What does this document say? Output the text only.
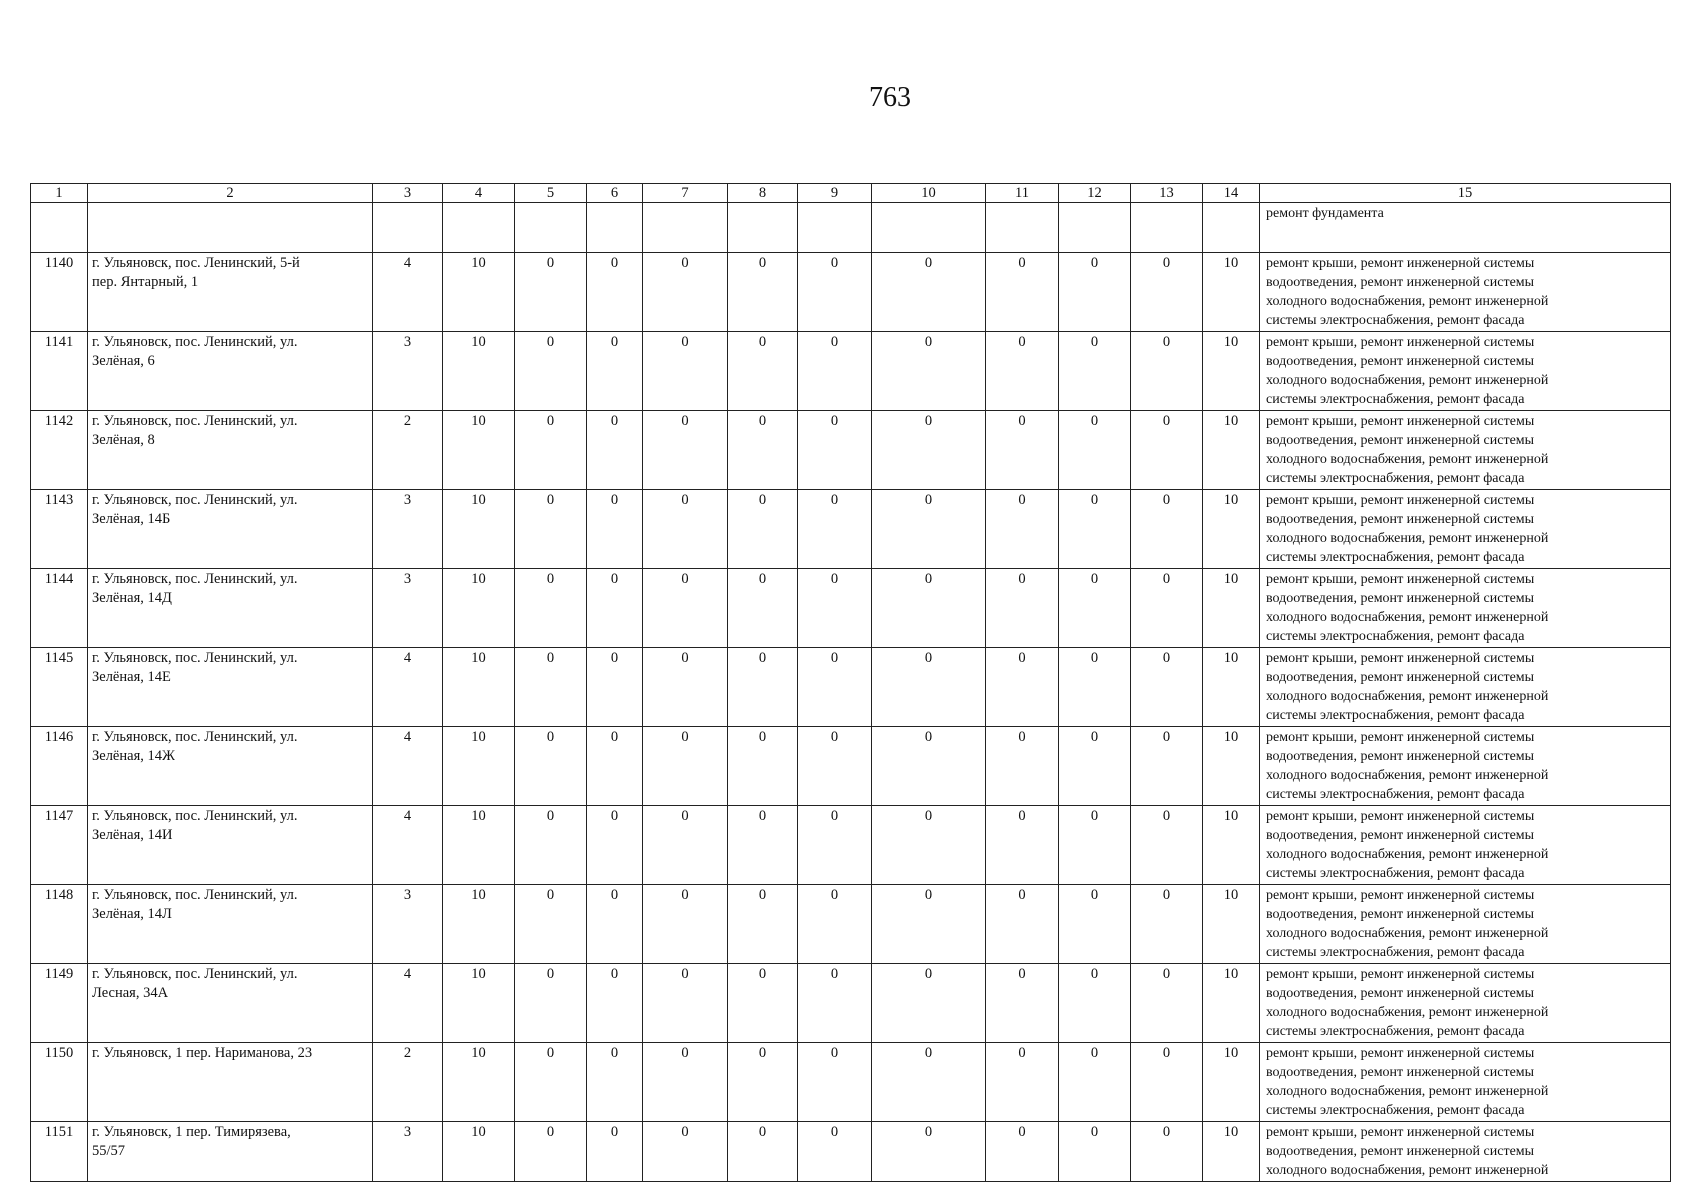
763
1	2	3	4	5	6	7	8	9	10	11	12	13	14	15
														ремонт фундамента
1140	г. Ульяновск, пос. Ленинский, 5-й
пер. Янтарный, 1	4	10	0	0	0	0	0	0	0	0	0	10	ремонт крыши, ремонт инженерной системы
водоотведения, ремонт инженерной системы
холодного водоснабжения, ремонт инженерной
системы электроснабжения, ремонт фасада
1141	г. Ульяновск, пос. Ленинский, ул.
Зелёная, 6	3	10	0	0	0	0	0	0	0	0	0	10	ремонт крыши, ремонт инженерной системы
водоотведения, ремонт инженерной системы
холодного водоснабжения, ремонт инженерной
системы электроснабжения, ремонт фасада
1142	г. Ульяновск, пос. Ленинский, ул.
Зелёная, 8	2	10	0	0	0	0	0	0	0	0	0	10	ремонт крыши, ремонт инженерной системы
водоотведения, ремонт инженерной системы
холодного водоснабжения, ремонт инженерной
системы электроснабжения, ремонт фасада
1143	г. Ульяновск, пос. Ленинский, ул.
Зелёная, 14Б	3	10	0	0	0	0	0	0	0	0	0	10	ремонт крыши, ремонт инженерной системы
водоотведения, ремонт инженерной системы
холодного водоснабжения, ремонт инженерной
системы электроснабжения, ремонт фасада
1144	г. Ульяновск, пос. Ленинский, ул.
Зелёная, 14Д	3	10	0	0	0	0	0	0	0	0	0	10	ремонт крыши, ремонт инженерной системы
водоотведения, ремонт инженерной системы
холодного водоснабжения, ремонт инженерной
системы электроснабжения, ремонт фасада
1145	г. Ульяновск, пос. Ленинский, ул.
Зелёная, 14Е	4	10	0	0	0	0	0	0	0	0	0	10	ремонт крыши, ремонт инженерной системы
водоотведения, ремонт инженерной системы
холодного водоснабжения, ремонт инженерной
системы электроснабжения, ремонт фасада
1146	г. Ульяновск, пос. Ленинский, ул.
Зелёная, 14Ж	4	10	0	0	0	0	0	0	0	0	0	10	ремонт крыши, ремонт инженерной системы
водоотведения, ремонт инженерной системы
холодного водоснабжения, ремонт инженерной
системы электроснабжения, ремонт фасада
1147	г. Ульяновск, пос. Ленинский, ул.
Зелёная, 14И	4	10	0	0	0	0	0	0	0	0	0	10	ремонт крыши, ремонт инженерной системы
водоотведения, ремонт инженерной системы
холодного водоснабжения, ремонт инженерной
системы электроснабжения, ремонт фасада
1148	г. Ульяновск, пос. Ленинский, ул.
Зелёная, 14Л	3	10	0	0	0	0	0	0	0	0	0	10	ремонт крыши, ремонт инженерной системы
водоотведения, ремонт инженерной системы
холодного водоснабжения, ремонт инженерной
системы электроснабжения, ремонт фасада
1149	г. Ульяновск, пос. Ленинский, ул.
Лесная, 34А	4	10	0	0	0	0	0	0	0	0	0	10	ремонт крыши, ремонт инженерной системы
водоотведения, ремонт инженерной системы
холодного водоснабжения, ремонт инженерной
системы электроснабжения, ремонт фасада
1150	г. Ульяновск, 1 пер. Нариманова, 23	2	10	0	0	0	0	0	0	0	0	0	10	ремонт крыши, ремонт инженерной системы
водоотведения, ремонт инженерной системы
холодного водоснабжения, ремонт инженерной
системы электроснабжения, ремонт фасада
1151	г. Ульяновск, 1 пер. Тимирязева,
55/57	3	10	0	0	0	0	0	0	0	0	0	10	ремонт крыши, ремонт инженерной системы
водоотведения, ремонт инженерной системы
холодного водоснабжения, ремонт инженерной
